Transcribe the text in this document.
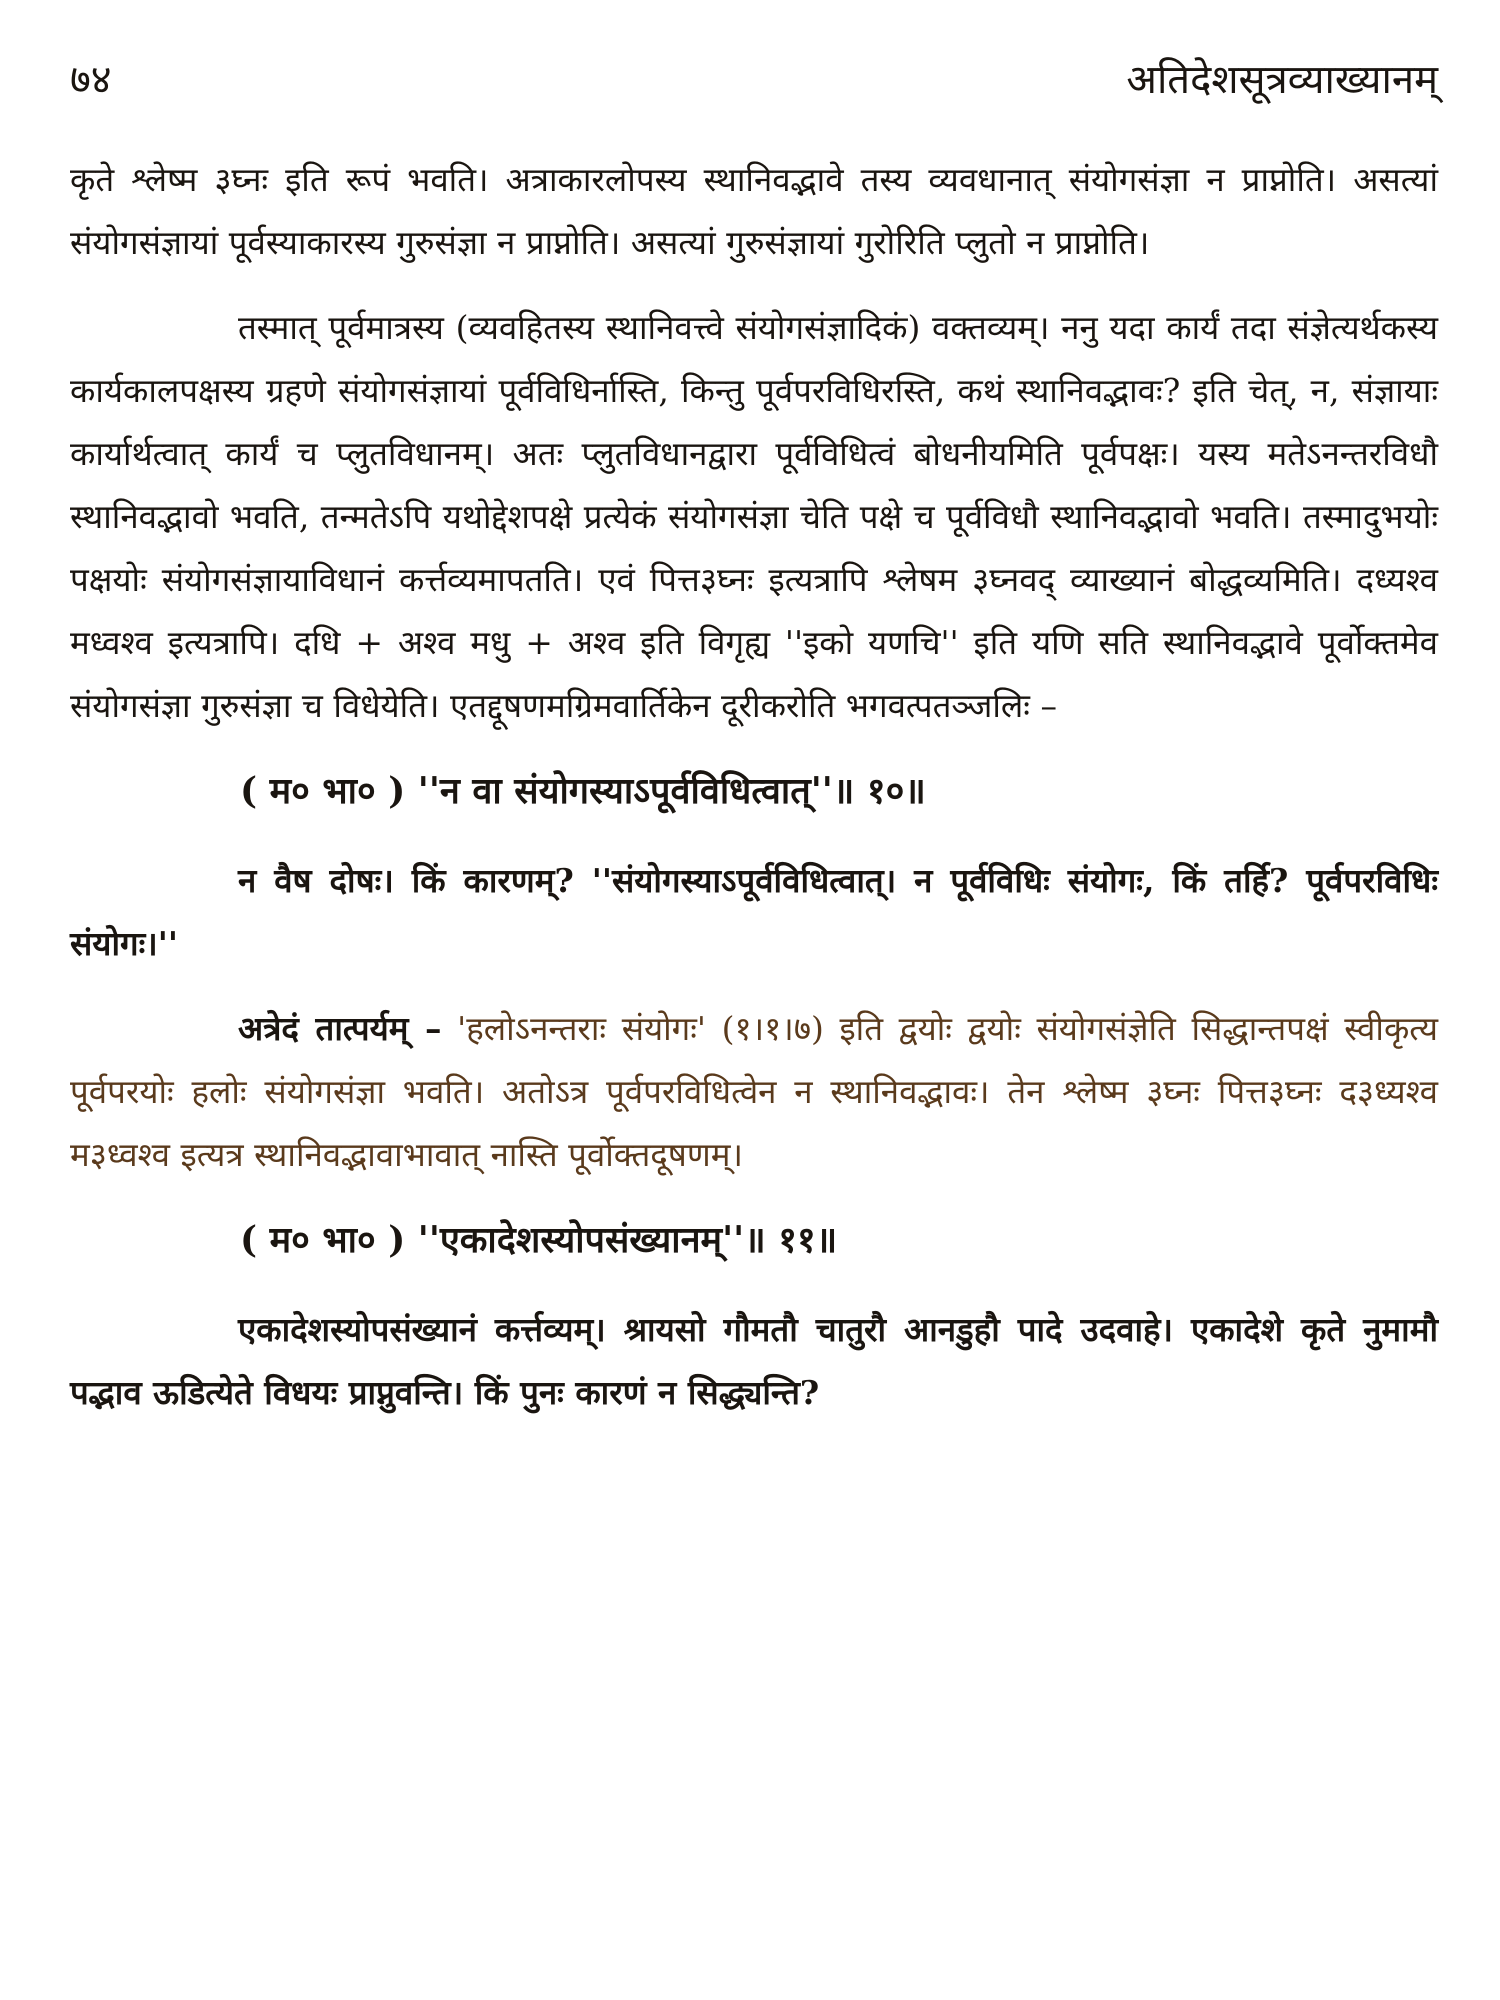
७४	अतिदेशसूत्रव्याख्यानम्

कृते श्लेष्म ३घ्नः इति रूपं भवति। अत्राकारलोपस्य स्थानिवद्भावे तस्य व्यवधानात् संयोगसंज्ञा न प्राप्नोति। असत्यां संयोगसंज्ञायां पूर्वस्याकारस्य गुरुसंज्ञा न प्राप्नोति। असत्यां गुरुसंज्ञायां गुरोरिति प्लुतो न प्राप्नोति।

तस्मात् पूर्वमात्रस्य (व्यवहितस्य स्थानिवत्त्वे संयोगसंज्ञादिकं) वक्तव्यम्। ननु यदा कार्यं तदा संज्ञेत्यर्थकस्य कार्यकालपक्षस्य ग्रहणे संयोगसंज्ञायां पूर्वविधिर्नास्ति, किन्तु पूर्वपरविधिरस्ति, कथं स्थानिवद्भावः? इति चेत्, न, संज्ञायाः कार्यार्थत्वात् कार्यं च प्लुतविधानम्। अतः प्लुतविधानद्वारा पूर्वविधित्वं बोधनीयमिति पूर्वपक्षः। यस्य मतेऽनन्तरविधौ स्थानिवद्भावो भवति, तन्मतेऽपि यथोद्देशपक्षे प्रत्येकं संयोगसंज्ञा चेति पक्षे च पूर्वविधौ स्थानिवद्भावो भवति। तस्मादुभयोः पक्षयोः संयोगसंज्ञायाविधानं कर्त्तव्यमापतति। एवं पित्त३घ्नः इत्यत्रापि श्लेषम ३घ्नवद् व्याख्यानं बोद्धव्यमिति। दध्यश्व मध्वश्व इत्यत्रापि। दधि + अश्व मधु + अश्व इति विगृह्य ''इको यणचि'' इति यणि सति स्थानिवद्भावे पूर्वोक्तमेव संयोगसंज्ञा गुरुसंज्ञा च विधेयेति। एतद्दूषणमग्रिमवार्तिकेन दूरीकरोति भगवत्पतञ्जलिः –

( म० भा० ) ''न वा संयोगस्याऽपूर्वविधित्वात्''॥ १०॥

न वैष दोषः। किं कारणम्? ''संयोगस्याऽपूर्वविधित्वात्। न पूर्वविधिः संयोगः, किं तर्हि? पूर्वपरविधिः संयोगः।''

अत्रेदं तात्पर्यम् – 'हलोऽनन्तराः संयोगः' (१।१।७) इति द्वयोः द्वयोः संयोगसंज्ञेति सिद्धान्तपक्षं स्वीकृत्य पूर्वपरयोः हलोः संयोगसंज्ञा भवति। अतोऽत्र पूर्वपरविधित्वेन न स्थानिवद्भावः। तेन श्लेष्म ३घ्नः पित्त३घ्नः द३ध्यश्व म३ध्वश्व इत्यत्र स्थानिवद्भावाभावात् नास्ति पूर्वोक्तदूषणम्।

( म० भा० ) ''एकादेशस्योपसंख्यानम्''॥ ११॥

एकादेशस्योपसंख्यानं कर्त्तव्यम्। श्रायसो गौमतौ चातुरौ आनडुहौ पादे उदवाहे। एकादेशे कृते नुमामौ पद्भाव ऊडित्येते विधयः प्राप्नुवन्ति। किं पुनः कारणं न सिद्ध्यन्ति?
